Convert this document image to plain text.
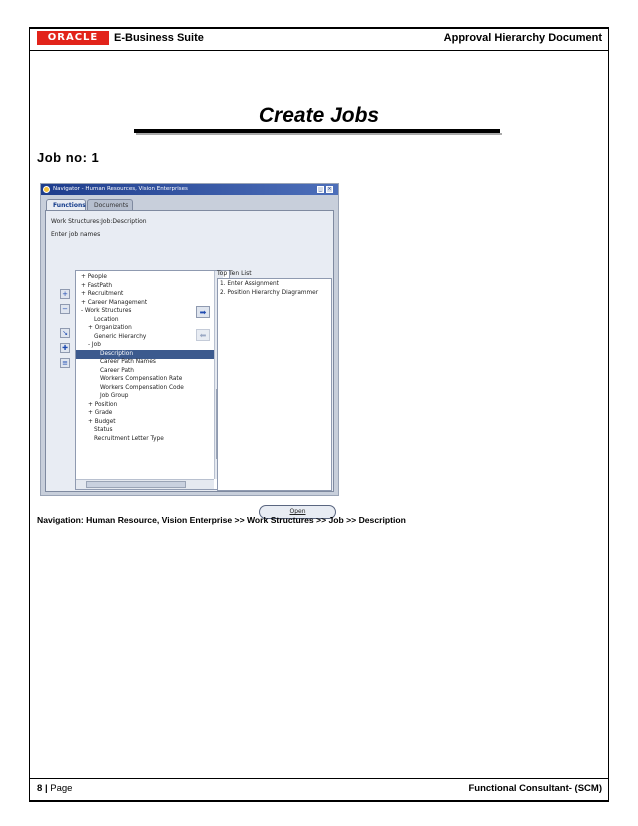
ORACLE	E-Business Suite	Approval Hierarchy Document
Create Jobs
Job no: 1
Navigator - Human Resources, Vision Enterprises	_	×
Functions	Documents
Work Structures:Job:Description
Enter job names
+
−
↘
✚
≡
+ People
+ FastPath
+ Recruitment
+ Career Management
- Work Structures
Location
+ Organization
Generic Hierarchy
- Job
Description
Career Path Names
Career Path
Workers Compensation Rate
Workers Compensation Code
Job Group
+ Position
+ Grade
+ Budget
Status
Recruitment Letter Type
➡
⬅
Top Ten List
1. Enter Assignment
2. Position Hierarchy Diagrammer
Open
Navigation: Human Resource, Vision Enterprise >> Work Structures >> Job >> Description
8 | Page	Functional Consultant- (SCM)
